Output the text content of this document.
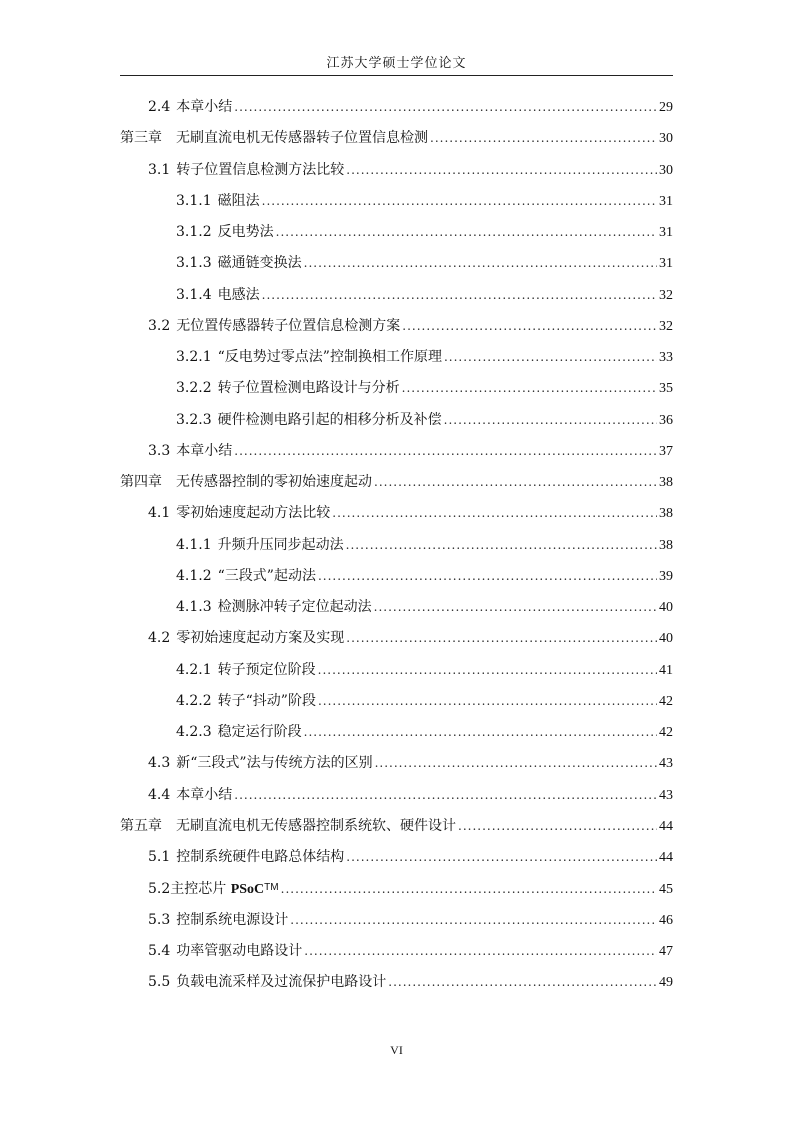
江苏大学硕士学位论文
2.4 本章小结 .....	29
第三章 无刷直流电机无传感器转子位置信息检测 .....	30
3.1 转子位置信息检测方法比较 .....	30
3.1.1 磁阻法 .....	31
3.1.2 反电势法 .....	31
3.1.3 磁通链变换法 .....	31
3.1.4 电感法 .....	32
3.2 无位置传感器转子位置信息检测方案 .....	32
3.2.1 “反电势过零点法”控制换相工作原理 .....	33
3.2.2 转子位置检测电路设计与分析 .....	35
3.2.3 硬件检测电路引起的相移分析及补偿 .....	36
3.3 本章小结 .....	37
第四章 无传感器控制的零初始速度起动 .....	38
4.1 零初始速度起动方法比较 .....	38
4.1.1 升频升压同步起动法 .....	38
4.1.2 “三段式”起动法 .....	39
4.1.3 检测脉冲转子定位起动法 .....	40
4.2 零初始速度起动方案及实现 .....	40
4.2.1 转子预定位阶段 .....	41
4.2.2 转子“抖动”阶段 .....	42
4.2.3 稳定运行阶段 .....	42
4.3 新“三段式”法与传统方法的区别 .....	43
4.4 本章小结 .....	43
第五章 无刷直流电机无传感器控制系统软、硬件设计 .....	44
5.1 控制系统硬件电路总体结构 .....	44
5.2 主控芯片 PSoC™ .....	45
5.3 控制系统电源设计 .....	46
5.4 功率管驱动电路设计 .....	47
5.5 负载电流采样及过流保护电路设计 .....	49
VI
